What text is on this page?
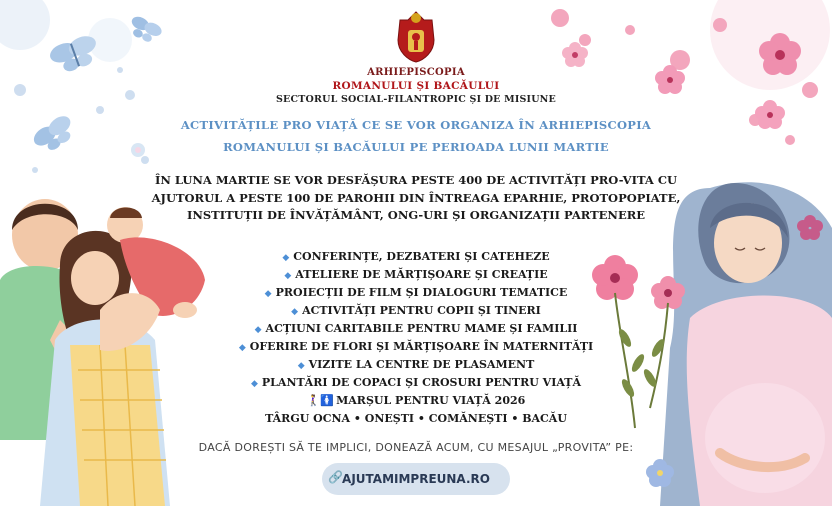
ARHIEPISCOPIA
ROMANULUI ȘI BACĂULUI
SECTORUL SOCIAL-FILANTROPIC ȘI DE MISIUNE
ACTIVITĂȚILE PRO VIAȚĂ CE SE VOR ORGANIZA ÎN ARHIEPISCOPIA
ROMANULUI ȘI BACĂULUI PE PERIOADA LUNII MARTIE
ÎN LUNA MARTIE SE VOR DESFĂȘURA PESTE 400 DE ACTIVITĂȚI PRO-VITA CU
AJUTORUL A PESTE 100 DE PAROHII DIN ÎNTREAGA EPARHIE, PROTOPOPIATE,
INSTITUȚII DE ÎNVĂȚĂMÂNT, ONG-URI ȘI ORGANIZAȚII PARTENERE
◆ CONFERINȚE, DEZBATERI ȘI CATEHEZE
◆ ATELIERE DE MĂRȚIȘOARE ȘI CREAȚIE
◆ PROIECȚII DE FILM ȘI DIALOGURI TEMATICE
◆ ACTIVITĂȚI PENTRU COPII ȘI TINERI
◆ ACȚIUNI CARITABILE PENTRU MAME ȘI FAMILII
◆ OFERIRE DE FLORI ȘI MĂRȚIȘOARE ÎN MATERNITĂȚI
◆ VIZITE LA CENTRE DE PLASAMENT
◆ PLANTĂRI DE COPACI ȘI CROSURI PENTRU VIAȚĂ
🚶‍♀️🚺 MARȘUL PENTRU VIAȚĂ 2026
TÂRGU OCNA • ONEȘTI • COMĂNEȘTI • BACĂU
DACĂ DOREȘTI SĂ TE IMPLICI, DONEAZĂ ACUM, CU MESAJUL „PROVITA” PE:
🔗 AJUTAMIMPREUNA.RO
